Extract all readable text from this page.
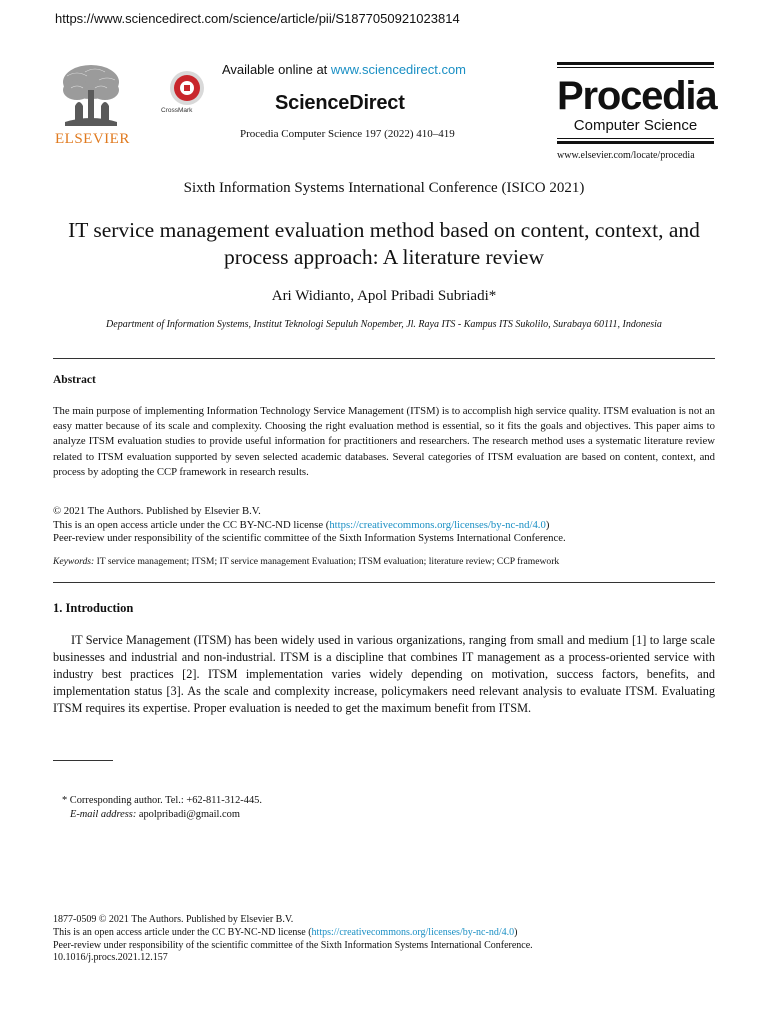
https://www.sciencedirect.com/science/article/pii/S1877050921023814
ELSEVIER
CrossMark
Available online at www.sciencedirect.com
ScienceDirect
Procedia Computer Science 197 (2022) 410–419
Procedia
Computer Science
www.elsevier.com/locate/procedia
Sixth Information Systems International Conference (ISICO 2021)
IT service management evaluation method based on content, context, and process approach: A literature review
Ari Widianto, Apol Pribadi Subriadi*
Department of Information Systems, Institut Teknologi Sepuluh Nopember, Jl. Raya ITS - Kampus ITS Sukolilo, Surabaya 60111, Indonesia
Abstract
The main purpose of implementing Information Technology Service Management (ITSM) is to accomplish high service quality. ITSM evaluation is not an easy matter because of its scale and complexity. Choosing the right evaluation method is essential, so it fits the goals and objectives. This paper aims to analyze ITSM evaluation studies to provide useful information for practitioners and researchers. The research method uses a systematic literature review related to ITSM evaluation supported by seven selected academic databases. Several categories of ITSM evaluation are based on content, context, and process by adopting the CCP framework in research results.
© 2021 The Authors. Published by Elsevier B.V.
This is an open access article under the CC BY-NC-ND license (https://creativecommons.org/licenses/by-nc-nd/4.0)
Peer-review under responsibility of the scientific committee of the Sixth Information Systems International Conference.
Keywords: IT service management; ITSM; IT service management Evaluation; ITSM evaluation; literature review; CCP framework
1. Introduction
IT Service Management (ITSM) has been widely used in various organizations, ranging from small and medium [1] to large scale businesses and industrial and non-industrial. ITSM is a discipline that combines IT management as a process-oriented service with industry best practices [2]. ITSM implementation varies widely depending on motivation, success factors, benefits, and implementation status [3]. As the scale and complexity increase, policymakers need relevant analysis to evaluate ITSM. Evaluating ITSM requires its expertise. Proper evaluation is needed to get the maximum benefit from ITSM.
* Corresponding author. Tel.: +62-811-312-445.
E-mail address: apolpribadi@gmail.com
1877-0509 © 2021 The Authors. Published by Elsevier B.V.
This is an open access article under the CC BY-NC-ND license (https://creativecommons.org/licenses/by-nc-nd/4.0)
Peer-review under responsibility of the scientific committee of the Sixth Information Systems International Conference.
10.1016/j.procs.2021.12.157
